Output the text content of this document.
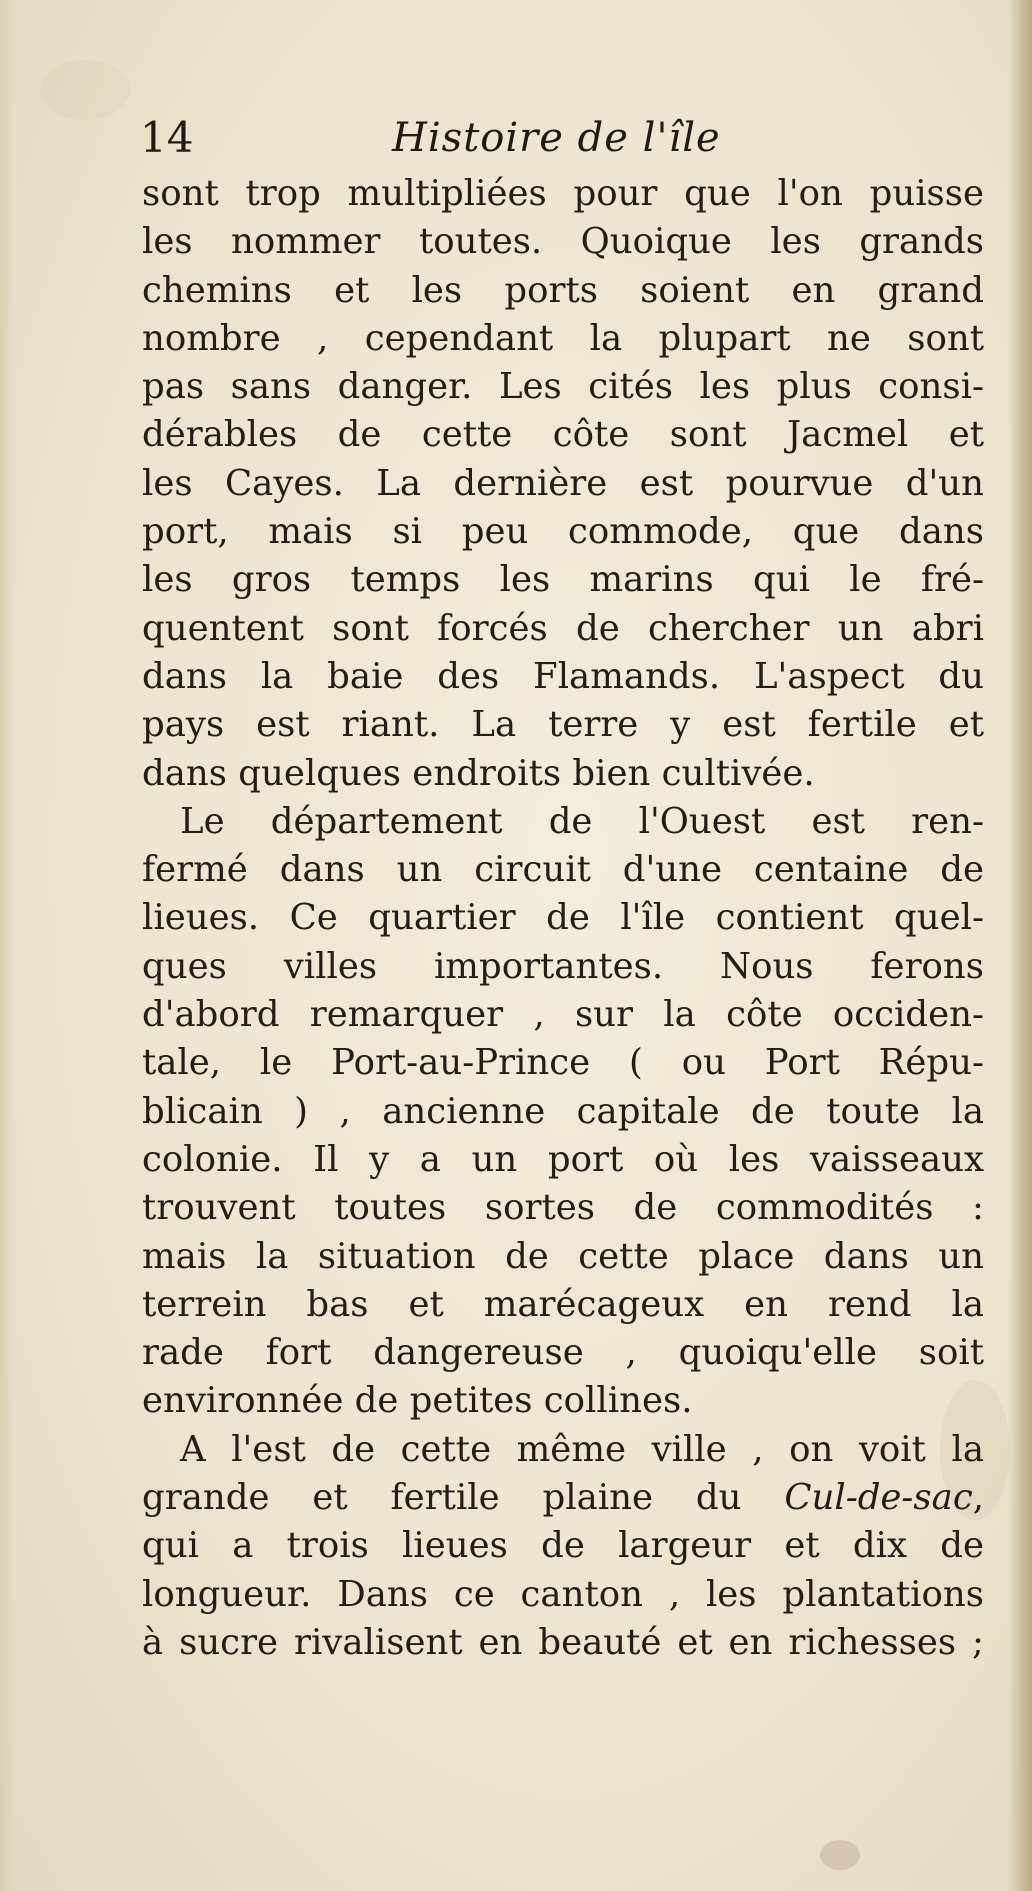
14	Histoire de l'île
sont trop multipliées pour que l'on puisse
les nommer toutes. Quoique les grands
chemins et les ports soient en grand
nombre , cependant la plupart ne sont
pas sans danger. Les cités les plus consi-
dérables de cette côte sont Jacmel et
les Cayes. La dernière est pourvue d'un
port, mais si peu commode, que dans
les gros temps les marins qui le fré-
quentent sont forcés de chercher un abri
dans la baie des Flamands. L'aspect du
pays est riant. La terre y est fertile et
dans quelques endroits bien cultivée.
Le département de l'Ouest est ren-
fermé dans un circuit d'une centaine de
lieues. Ce quartier de l'île contient quel-
ques villes importantes. Nous ferons
d'abord remarquer , sur la côte occiden-
tale, le Port-au-Prince ( ou Port Répu-
blicain ) , ancienne capitale de toute la
colonie. Il y a un port où les vaisseaux
trouvent toutes sortes de commodités :
mais la situation de cette place dans un
terrein bas et marécageux en rend la
rade fort dangereuse , quoiqu'elle soit
environnée de petites collines.
A l'est de cette même ville , on voit la
grande et fertile plaine du Cul-de-sac,
qui a trois lieues de largeur et dix de
longueur. Dans ce canton , les plantations
à sucre rivalisent en beauté et en richesses ;
